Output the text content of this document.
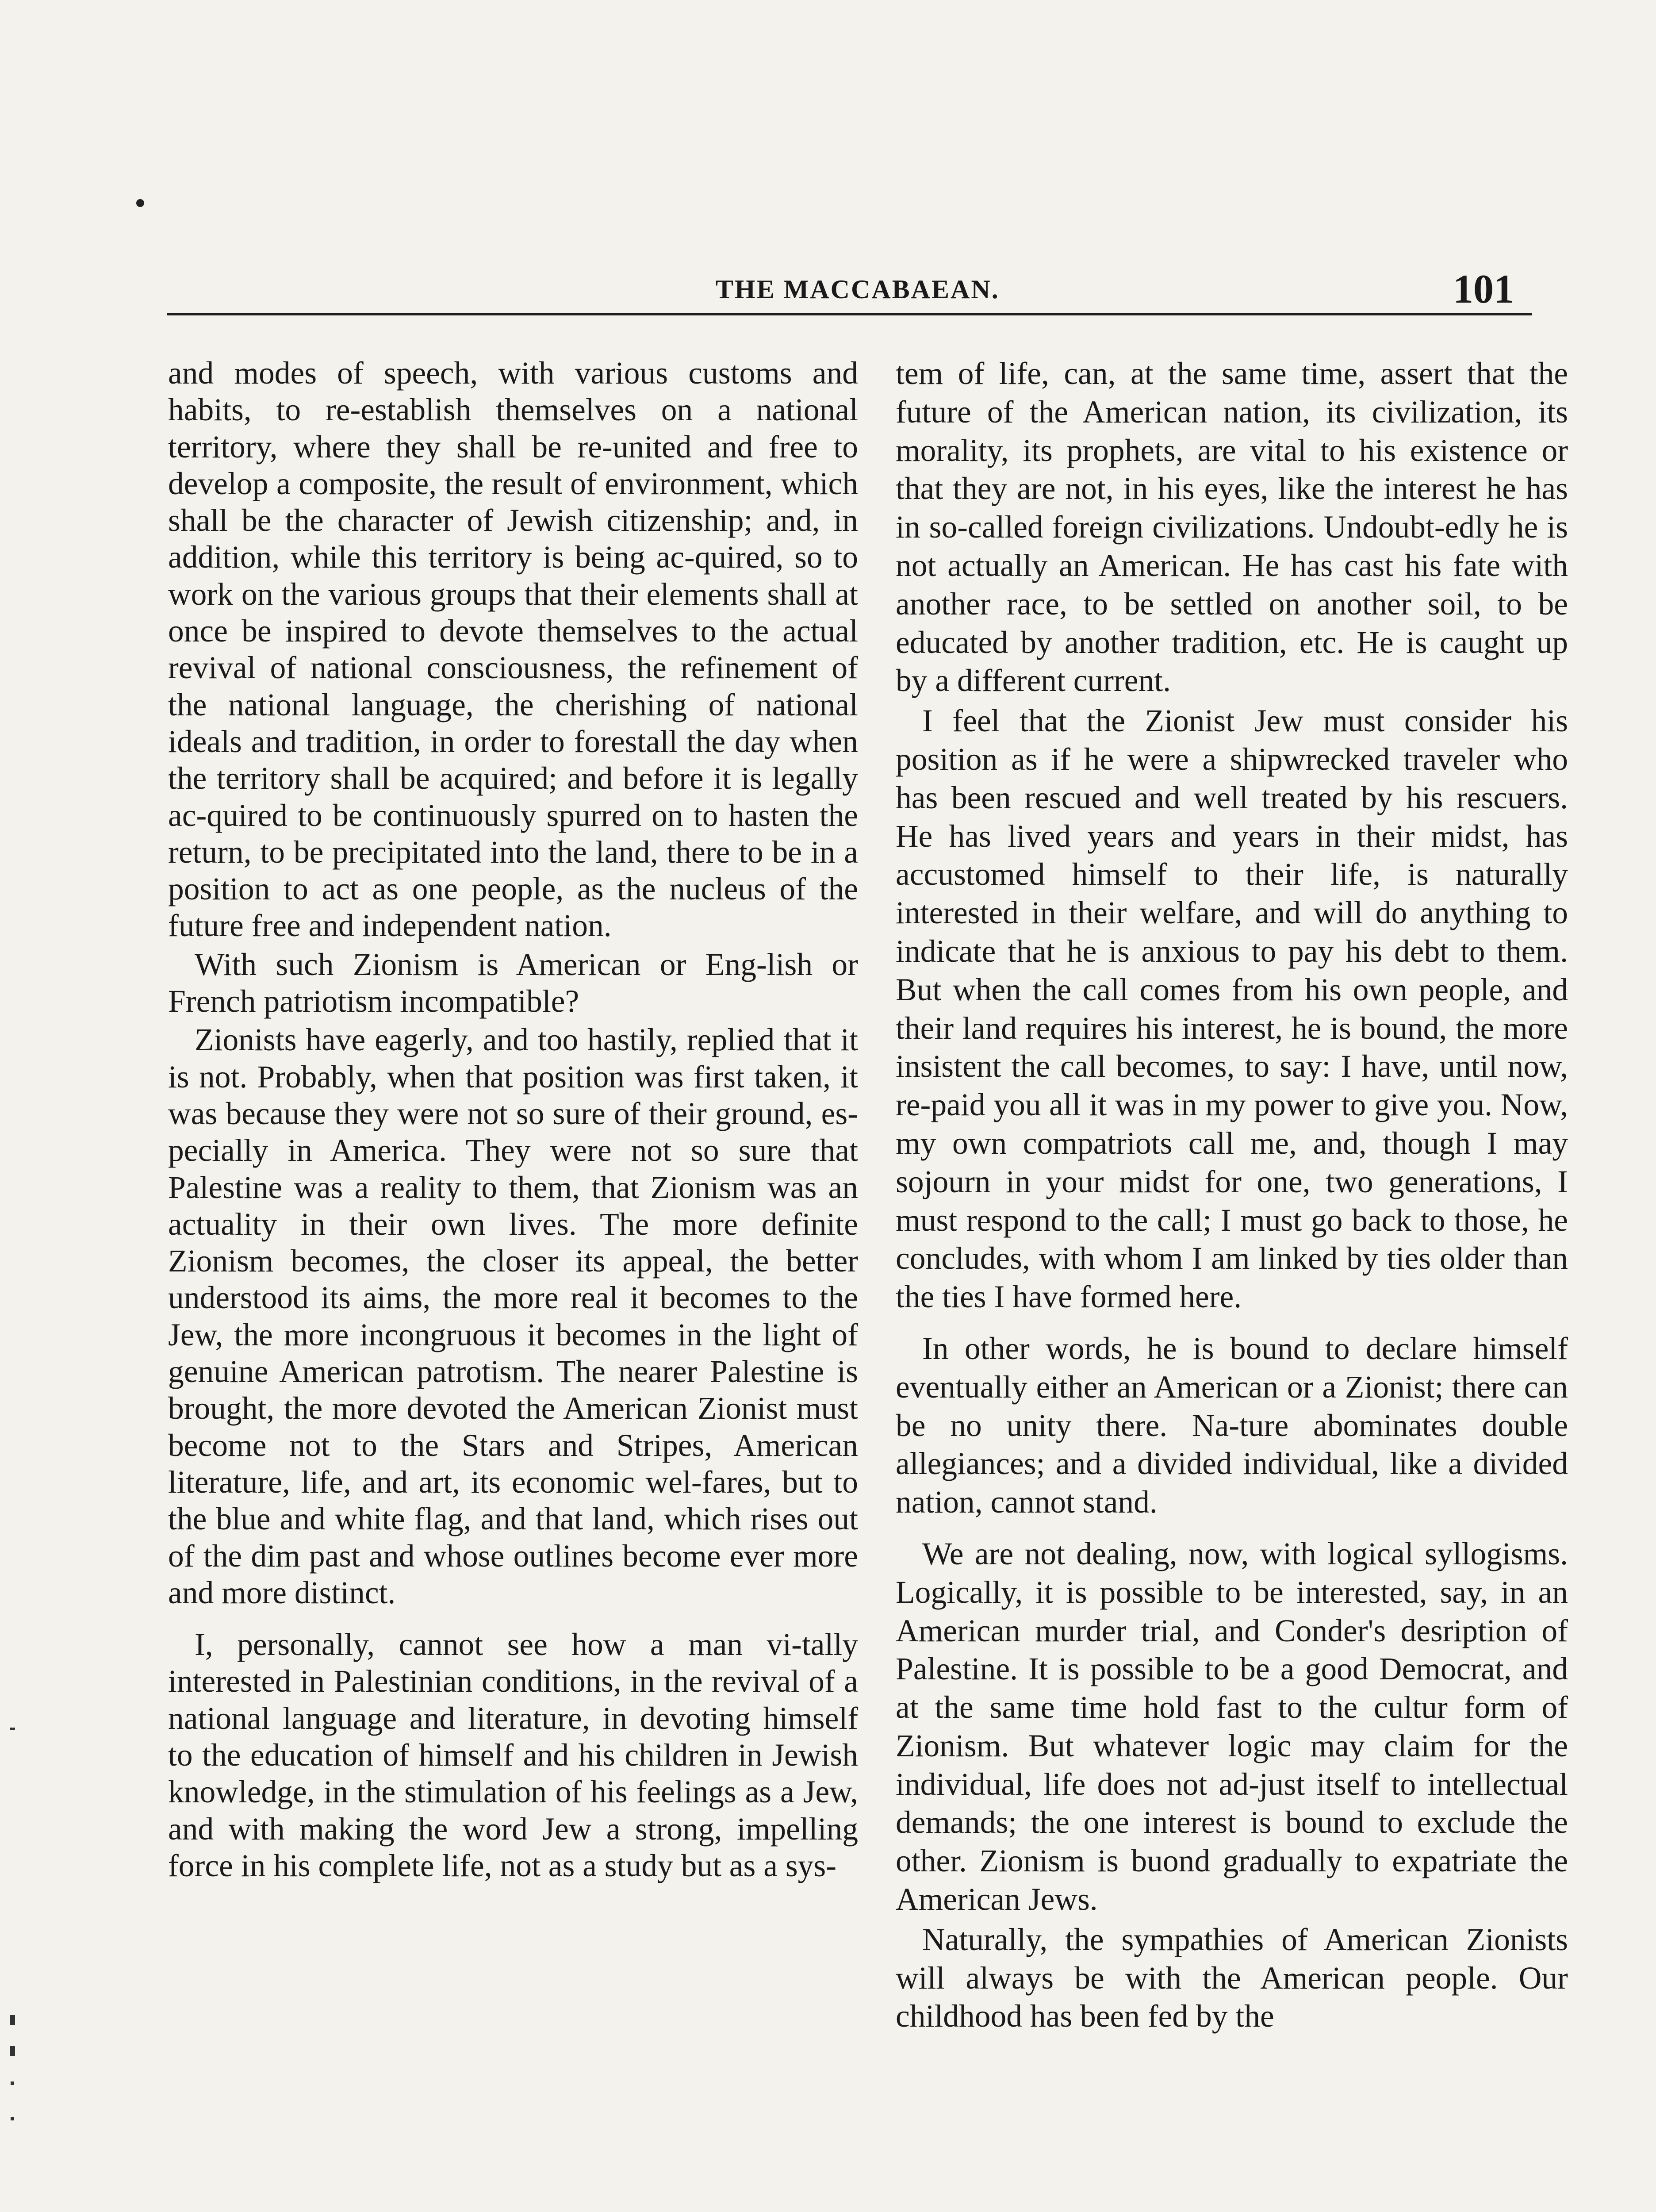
THE MACCABAEAN.	101

and modes of speech, with various customs and habits, to re-establish themselves on a national territory, where they shall be re-united and free to develop a composite, the result of environment, which shall be the character of Jewish citizenship; and, in addition, while this territory is being ac-quired, so to work on the various groups that their elements shall at once be inspired to devote themselves to the actual revival of national consciousness, the refinement of the national language, the cherishing of national ideals and tradition, in order to forestall the day when the territory shall be acquired; and before it is legally ac-quired to be continuously spurred on to hasten the return, to be precipitated into the land, there to be in a position to act as one people, as the nucleus of the future free and independent nation.

With such Zionism is American or Eng-lish or French patriotism incompatible?

Zionists have eagerly, and too hastily, replied that it is not. Probably, when that position was first taken, it was because they were not so sure of their ground, es-pecially in America. They were not so sure that Palestine was a reality to them, that Zionism was an actuality in their own lives. The more definite Zionism becomes, the closer its appeal, the better understood its aims, the more real it becomes to the Jew, the more incongruous it becomes in the light of genuine American patrotism. The nearer Palestine is brought, the more devoted the American Zionist must become not to the Stars and Stripes, American literature, life, and art, its economic wel-fares, but to the blue and white flag, and that land, which rises out of the dim past and whose outlines become ever more and more distinct.

I, personally, cannot see how a man vi-tally interested in Palestinian conditions, in the revival of a national language and literature, in devoting himself to the education of himself and his children in Jewish knowledge, in the stimulation of his feelings as a Jew, and with making the word Jew a strong, impelling force in his complete life, not as a study but as a sys-

tem of life, can, at the same time, assert that the future of the American nation, its civilization, its morality, its prophets, are vital to his existence or that they are not, in his eyes, like the interest he has in so-called foreign civilizations. Undoubt-edly he is not actually an American. He has cast his fate with another race, to be settled on another soil, to be educated by another tradition, etc. He is caught up by a different current.

I feel that the Zionist Jew must consider his position as if he were a shipwrecked traveler who has been rescued and well treated by his rescuers. He has lived years and years in their midst, has accustomed himself to their life, is naturally interested in their welfare, and will do anything to indicate that he is anxious to pay his debt to them. But when the call comes from his own people, and their land requires his interest, he is bound, the more insistent the call becomes, to say: I have, until now, re-paid you all it was in my power to give you. Now, my own compatriots call me, and, though I may sojourn in your midst for one, two generations, I must respond to the call; I must go back to those, he concludes, with whom I am linked by ties older than the ties I have formed here.

In other words, he is bound to declare himself eventually either an American or a Zionist; there can be no unity there. Na-ture abominates double allegiances; and a divided individual, like a divided nation, cannot stand.

We are not dealing, now, with logical syllogisms. Logically, it is possible to be interested, say, in an American murder trial, and Conder's desription of Palestine. It is possible to be a good Democrat, and at the same time hold fast to the cultur form of Zionism. But whatever logic may claim for the individual, life does not ad-just itself to intellectual demands; the one interest is bound to exclude the other. Zionism is buond gradually to expatriate the American Jews.

Naturally, the sympathies of American Zionists will always be with the American people. Our childhood has been fed by the
